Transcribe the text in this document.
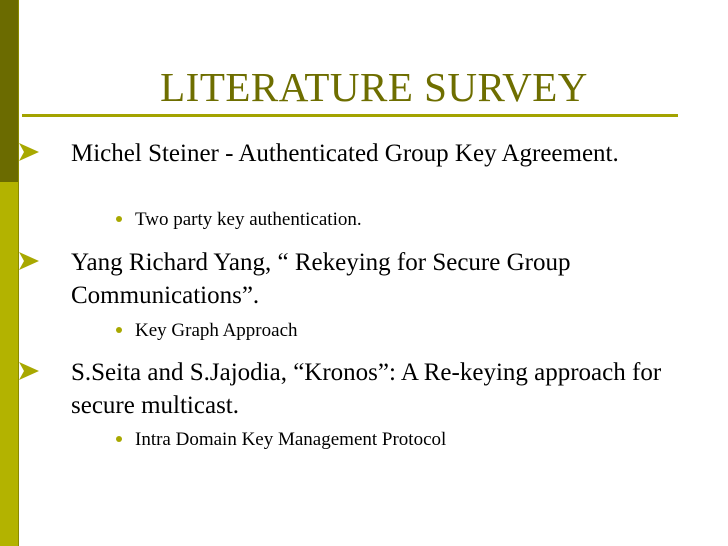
LITERATURE SURVEY
Michel Steiner - Authenticated Group Key Agreement.
Two party key authentication.
Yang Richard Yang, “ Rekeying for Secure Group Communications”.
Key Graph Approach
S.Seita and S.Jajodia, “Kronos”: A Re-keying approach for secure multicast.
Intra Domain Key Management Protocol
